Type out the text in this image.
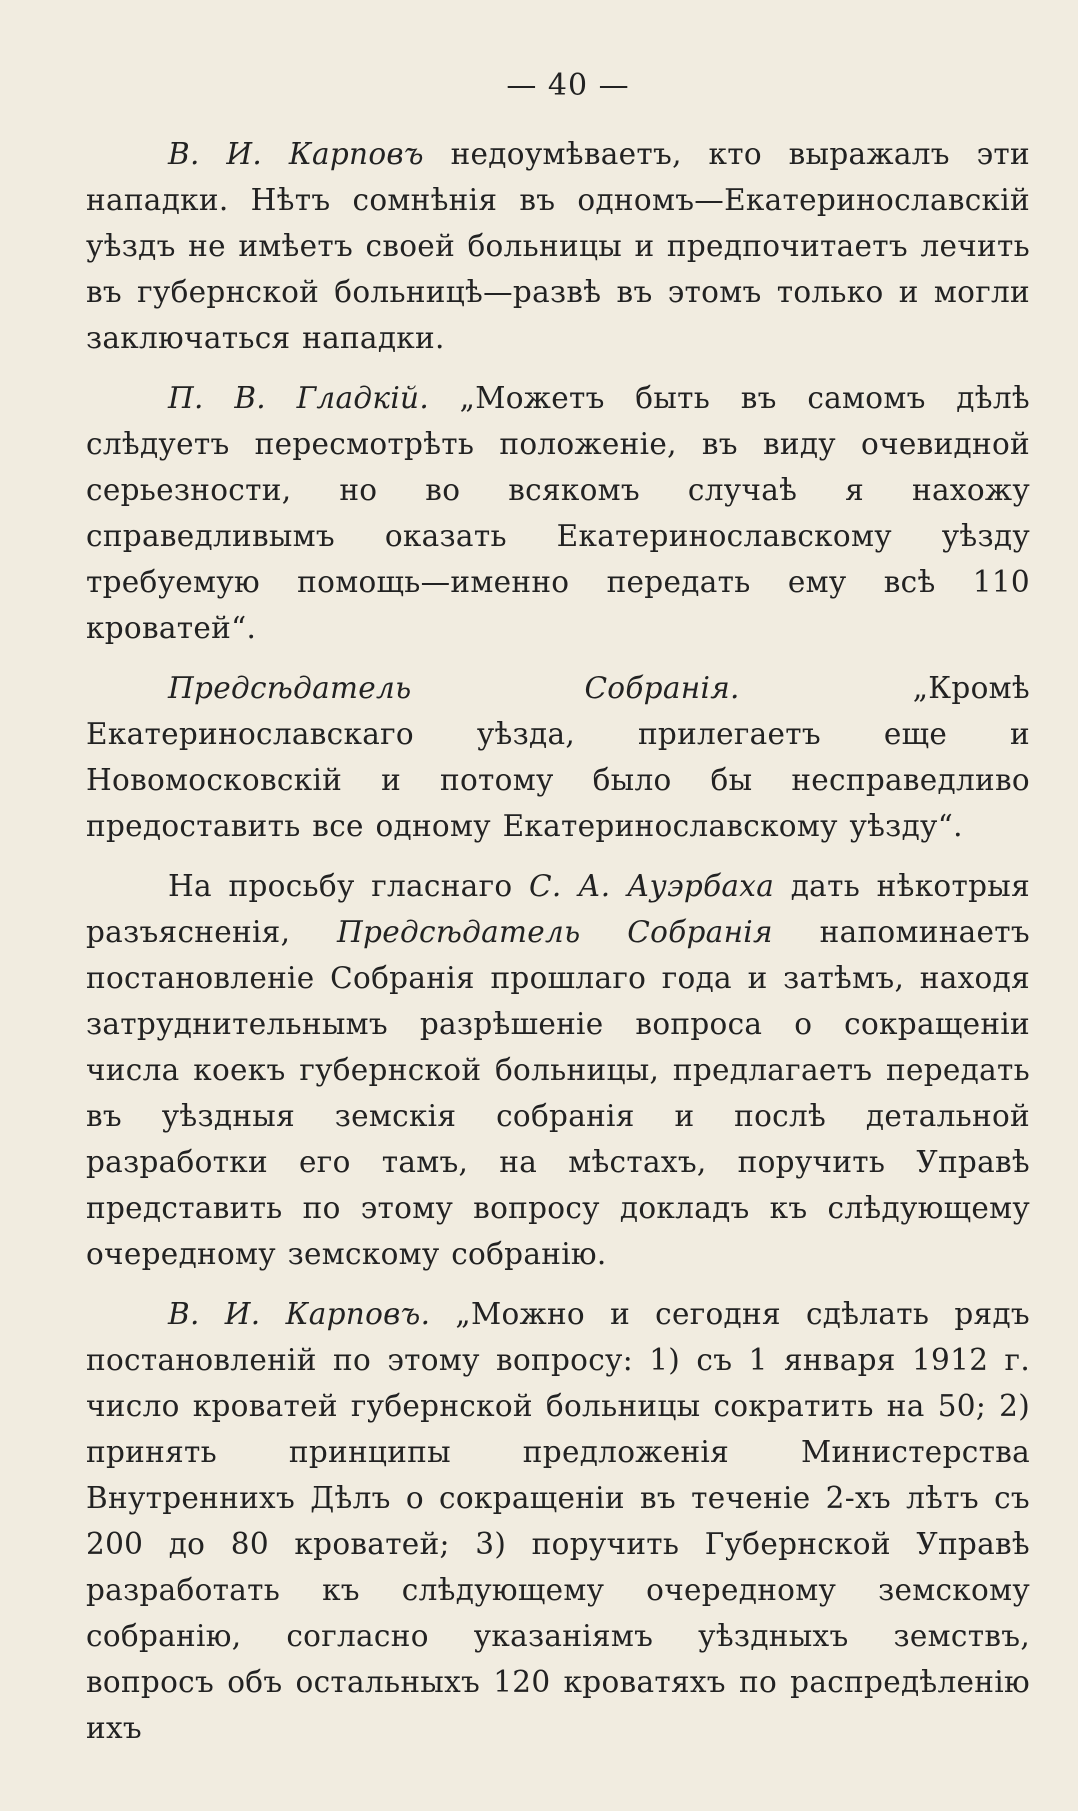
— 40 —

В. И. Карповъ недоумѣваетъ, кто выражалъ эти нападки. Нѣтъ сомнѣнія въ одномъ—Екатеринославскій уѣздъ не имѣетъ своей больницы и предпочитаетъ лечить въ губернской больницѣ—развѣ въ этомъ только и могли заключаться нападки.

П. В. Гладкій. „Можетъ быть въ самомъ дѣлѣ слѣдуетъ пересмотрѣть положеніе, въ виду очевидной серьезности, но во всякомъ случаѣ я нахожу справедливымъ оказать Екатеринославскому уѣзду требуемую помощь—именно передать ему всѣ 110 кроватей“.

Предсѣдатель Собранія. „Кромѣ Екатеринославскаго уѣзда, прилегаетъ еще и Новомосковскій и потому было бы несправедливо предоставить все одному Екатеринославскому уѣзду“.

На просьбу гласнаго С. А. Ауэрбаха дать нѣкотрыя разъясненія, Предсѣдатель Собранія напоминаетъ постановленіе Собранія прошлаго года и затѣмъ, находя затруднительнымъ разрѣшеніе вопроса о сокращеніи числа коекъ губернской больницы, предлагаетъ передать въ уѣздныя земскія собранія и послѣ детальной разработки его тамъ, на мѣстахъ, поручить Управѣ представить по этому вопросу докладъ къ слѣдующему очередному земскому собранію.

В. И. Карповъ. „Можно и сегодня сдѣлать рядъ постановленій по этому вопросу: 1) съ 1 января 1912 г. число кроватей губернской больницы сократить на 50; 2) принять принципы предложенія Министерства Внутреннихъ Дѣлъ о сокращеніи въ теченіе 2-хъ лѣтъ съ 200 до 80 кроватей; 3) поручить Губернской Управѣ разработать къ слѣдующему очередному земскому собранію, согласно указаніямъ уѣздныхъ земствъ, вопросъ объ остальныхъ 120 кроватяхъ по распредѣленію ихъ
